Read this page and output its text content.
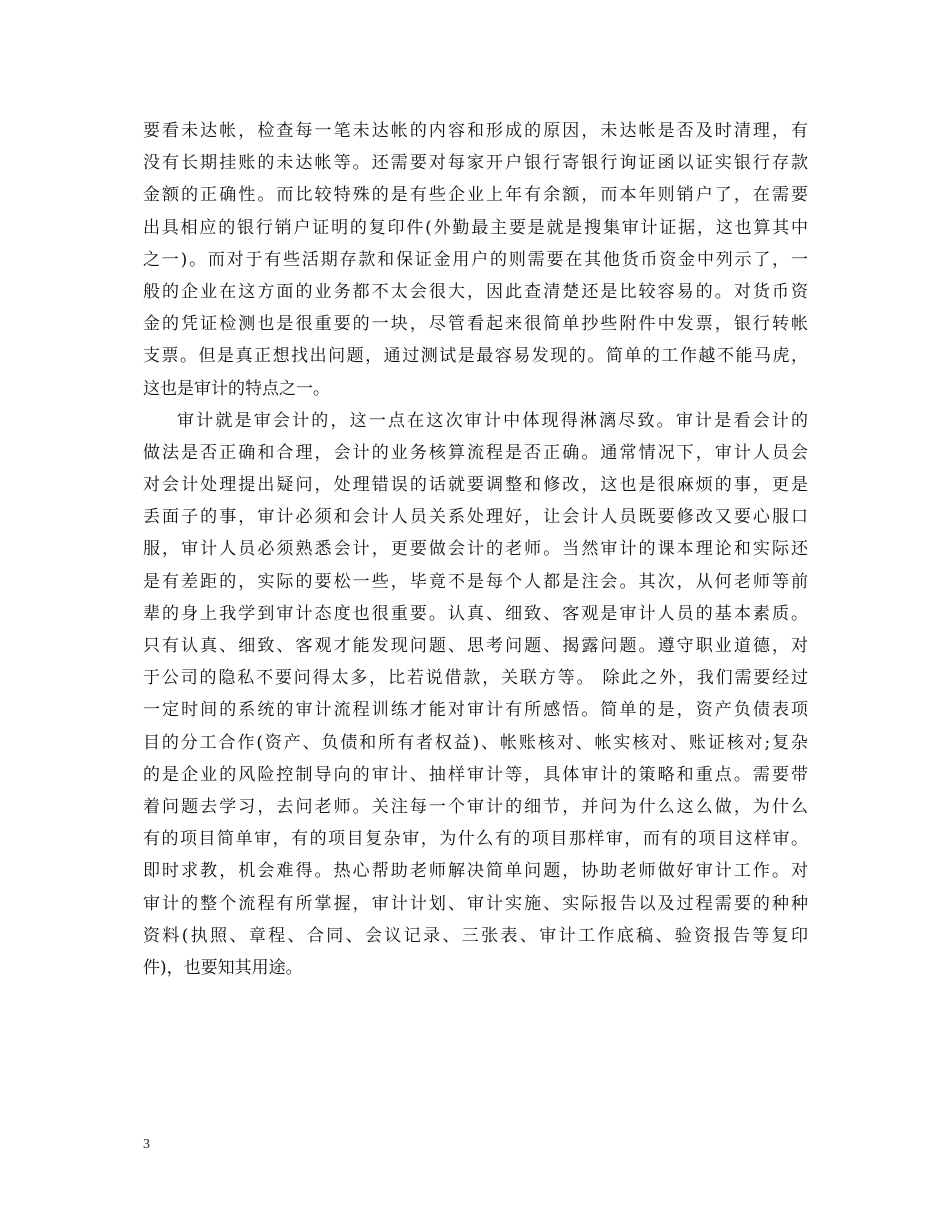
要看未达帐，检查每一笔未达帐的内容和形成的原因，未达帐是否及时清理，有
没有长期挂账的未达帐等。还需要对每家开户银行寄银行询证函以证实银行存款
金额的正确性。而比较特殊的是有些企业上年有余额，而本年则销户了，在需要
出具相应的银行销户证明的复印件(外勤最主要是就是搜集审计证据，这也算其中
之一)。而对于有些活期存款和保证金用户的则需要在其他货币资金中列示了，一
般的企业在这方面的业务都不太会很大，因此查清楚还是比较容易的。对货币资
金的凭证检测也是很重要的一块，尽管看起来很简单抄些附件中发票，银行转帐
支票。但是真正想找出问题，通过测试是最容易发现的。简单的工作越不能马虎，
这也是审计的特点之一。
审计就是审会计的，这一点在这次审计中体现得淋漓尽致。审计是看会计的
做法是否正确和合理，会计的业务核算流程是否正确。通常情况下，审计人员会
对会计处理提出疑问，处理错误的话就要调整和修改，这也是很麻烦的事，更是
丢面子的事，审计必须和会计人员关系处理好，让会计人员既要修改又要心服口
服，审计人员必须熟悉会计，更要做会计的老师。当然审计的课本理论和实际还
是有差距的，实际的要松一些，毕竟不是每个人都是注会。其次，从何老师等前
辈的身上我学到审计态度也很重要。认真、细致、客观是审计人员的基本素质。
只有认真、细致、客观才能发现问题、思考问题、揭露问题。遵守职业道德，对
于公司的隐私不要问得太多，比若说借款，关联方等。 除此之外，我们需要经过
一定时间的系统的审计流程训练才能对审计有所感悟。简单的是，资产负债表项
目的分工合作(资产、负债和所有者权益)、帐账核对、帐实核对、账证核对;复杂
的是企业的风险控制导向的审计、抽样审计等，具体审计的策略和重点。需要带
着问题去学习，去问老师。关注每一个审计的细节，并问为什么这么做，为什么
有的项目简单审，有的项目复杂审，为什么有的项目那样审，而有的项目这样审。
即时求教，机会难得。热心帮助老师解决简单问题，协助老师做好审计工作。对
审计的整个流程有所掌握，审计计划、审计实施、实际报告以及过程需要的种种
资料(执照、章程、合同、会议记录、三张表、审计工作底稿、验资报告等复印
件)，也要知其用途。
3
